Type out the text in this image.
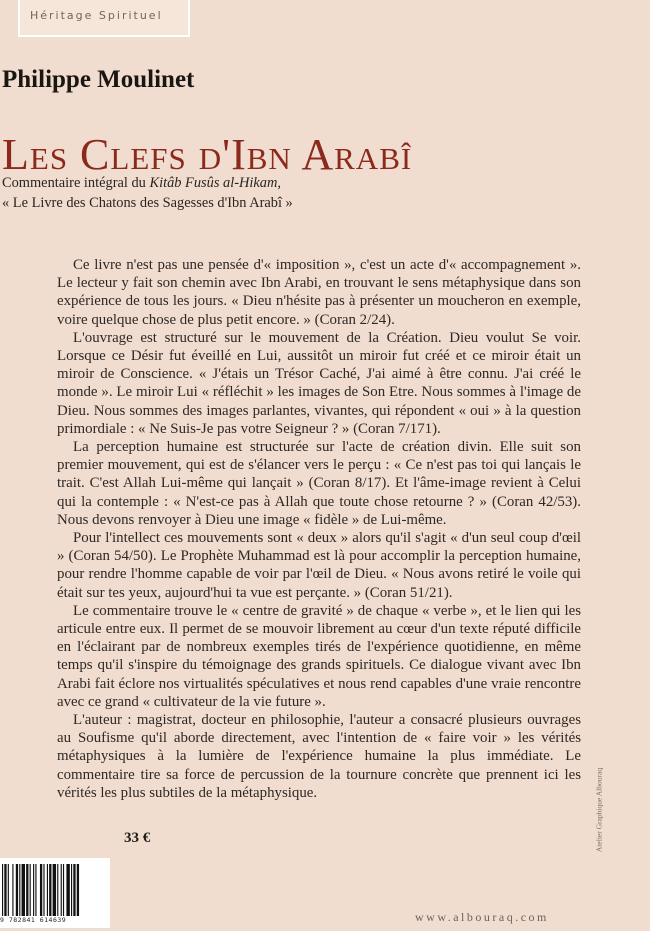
Héritage Spirituel
Philippe Moulinet
Les Clefs d'Ibn Arabî

Commentaire intégral du Kitâb Fusûs al-Hikam,

« Le Livre des Chatons des Sagesses d'Ibn Arabî »

Ce livre n'est pas une pensée d'« imposition », c'est un acte d'« accompagnement ». Le lecteur y fait son chemin avec Ibn Arabi, en trouvant le sens métaphysique dans son expérience de tous les jours. « Dieu n'hésite pas à présenter un moucheron en exemple, voire quelque chose de plus petit encore. » (Coran 2/24).

L'ouvrage est structuré sur le mouvement de la Création. Dieu voulut Se voir. Lorsque ce Désir fut éveillé en Lui, aussitôt un miroir fut créé et ce miroir était un miroir de Conscience. « J'étais un Trésor Caché, J'ai aimé à être connu. J'ai créé le monde ». Le miroir Lui « réfléchit » les images de Son Etre. Nous sommes à l'image de Dieu. Nous sommes des images parlantes, vivantes, qui répondent « oui » à la question primordiale : « Ne Suis-Je pas votre Seigneur ? » (Coran 7/171).

La perception humaine est structurée sur l'acte de création divin. Elle suit son premier mouvement, qui est de s'élancer vers le perçu : « Ce n'est pas toi qui lançais le trait. C'est Allah Lui-même qui lançait » (Coran 8/17). Et l'âme-image revient à Celui qui la contemple : « N'est-ce pas à Allah que toute chose retourne ? » (Coran 42/53). Nous devons renvoyer à Dieu une image « fidèle » de Lui-même.

Pour l'intellect ces mouvements sont « deux » alors qu'il s'agit « d'un seul coup d'œil » (Coran 54/50). Le Prophète Muhammad est là pour accomplir la perception humaine, pour rendre l'homme capable de voir par l'œil de Dieu. « Nous avons retiré le voile qui était sur tes yeux, aujourd'hui ta vue est perçante. » (Coran 51/21).

Le commentaire trouve le « centre de gravité » de chaque « verbe », et le lien qui les articule entre eux. Il permet de se mouvoir librement au cœur d'un texte réputé difficile en l'éclairant par de nombreux exemples tirés de l'expérience quotidienne, en même temps qu'il s'inspire du témoignage des grands spirituels. Ce dialogue vivant avec Ibn Arabi fait éclore nos virtualités spéculatives et nous rend capables d'une vraie rencontre avec ce grand « cultivateur de la vie future ».

L'auteur : magistrat, docteur en philosophie, l'auteur a consacré plusieurs ouvrages au Soufisme qu'il aborde directement, avec l'intention de « faire voir » les vérités métaphysiques à la lumière de l'expérience humaine la plus immédiate. Le commentaire tire sa force de percussion de la tournure concrète que prennent ici les vérités les plus subtiles de la métaphysique.	Atelier Graphique Albouraq
33 €
9 782841 614639	www.albouraq.com
